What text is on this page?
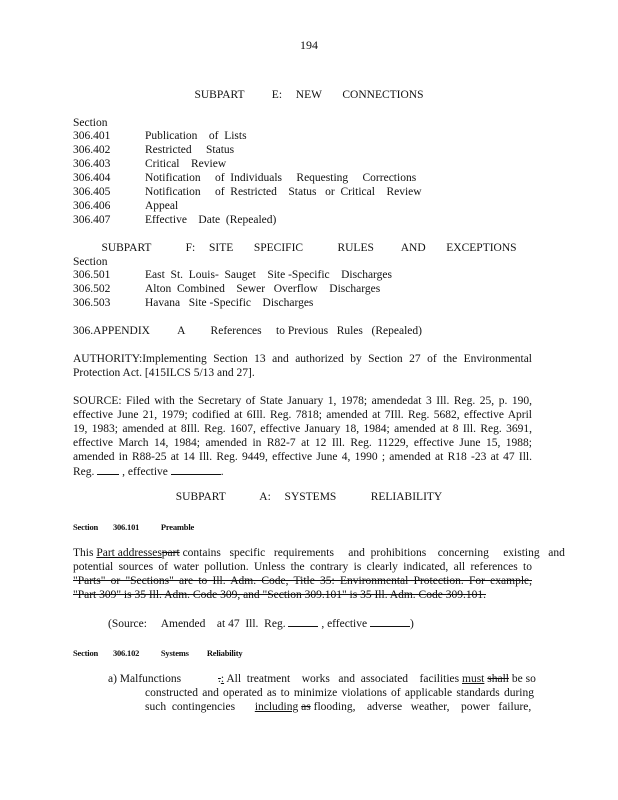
194
SUBPART    E:  NEW   CONNECTIONS
Section
306.401	Publication    of  Lists
306.402	Restricted     Status
306.403	Critical    Review
306.404	Notification     of  Individuals     Requesting     Corrections
306.405	Notification     of  Restricted    Status   or  Critical    Review
306.406	Appeal
306.407	Effective    Date  (Repealed)
SUBPART     F:  SITE   SPECIFIC     RULES    AND   EXCEPTIONS
Section
306.501	East  St.  Louis-  Sauget    Site -Specific    Discharges
306.502	Alton  Combined    Sewer   Overflow    Discharges
306.503	Havana   Site -Specific    Discharges
306.APPENDIX A References     to Previous   Rules   (Repealed)
AUTHORITY:Implementing Section 13 and authorized by Section 27 of the Environmental
Protection Act. [415ILCS 5/13 and 27].
SOURCE: Filed with the Secretary of State January 1, 1978; amendedat 3 Ill. Reg. 25, p. 190,
effective June 21, 1979; codified at 6Ill. Reg. 7818; amended at 7Ill. Reg. 5682, effective April
19, 1983; amended at 8Ill. Reg. 1607, effective January 18, 1984; amended at 8 Ill. Reg. 3691,
effective March 14, 1984; amended in R82-7 at 12 Ill. Reg. 11229, effective June 15, 1988;
amended in R88-25 at 14 Ill. Reg. 9449, effective June 4, 1990 ; amended at R18 -23 at 47 Ill.
Reg. , effective	.
SUBPART     A:  SYSTEMS     RELIABILITY
Section 306.101	Preamble
This Part addressespart contains   specific   requirements     and  prohibitions    concerning     existing   and
potential sources of water pollution. Unless the contrary is clearly indicated, all references to
"Parts" or "Sections" are to Ill. Adm. Code, Title 35: Environmental Protection. For example,
"Part 309" is 35 Ill. Adm. Code 309, and "Section 309.101" is 35 Ill. Adm. Code 309.101.
(Source:     Amended    at 47  Ill.  Reg.	, effective	)
Section 306.102	Systems Reliability
a) Malfunctions	.: All  treatment    works   and  associated    facilities must shall be so
constructed and operated as to minimize violations of applicable standards during
such  contingencies including as flooding,    adverse   weather,    power   failure,
